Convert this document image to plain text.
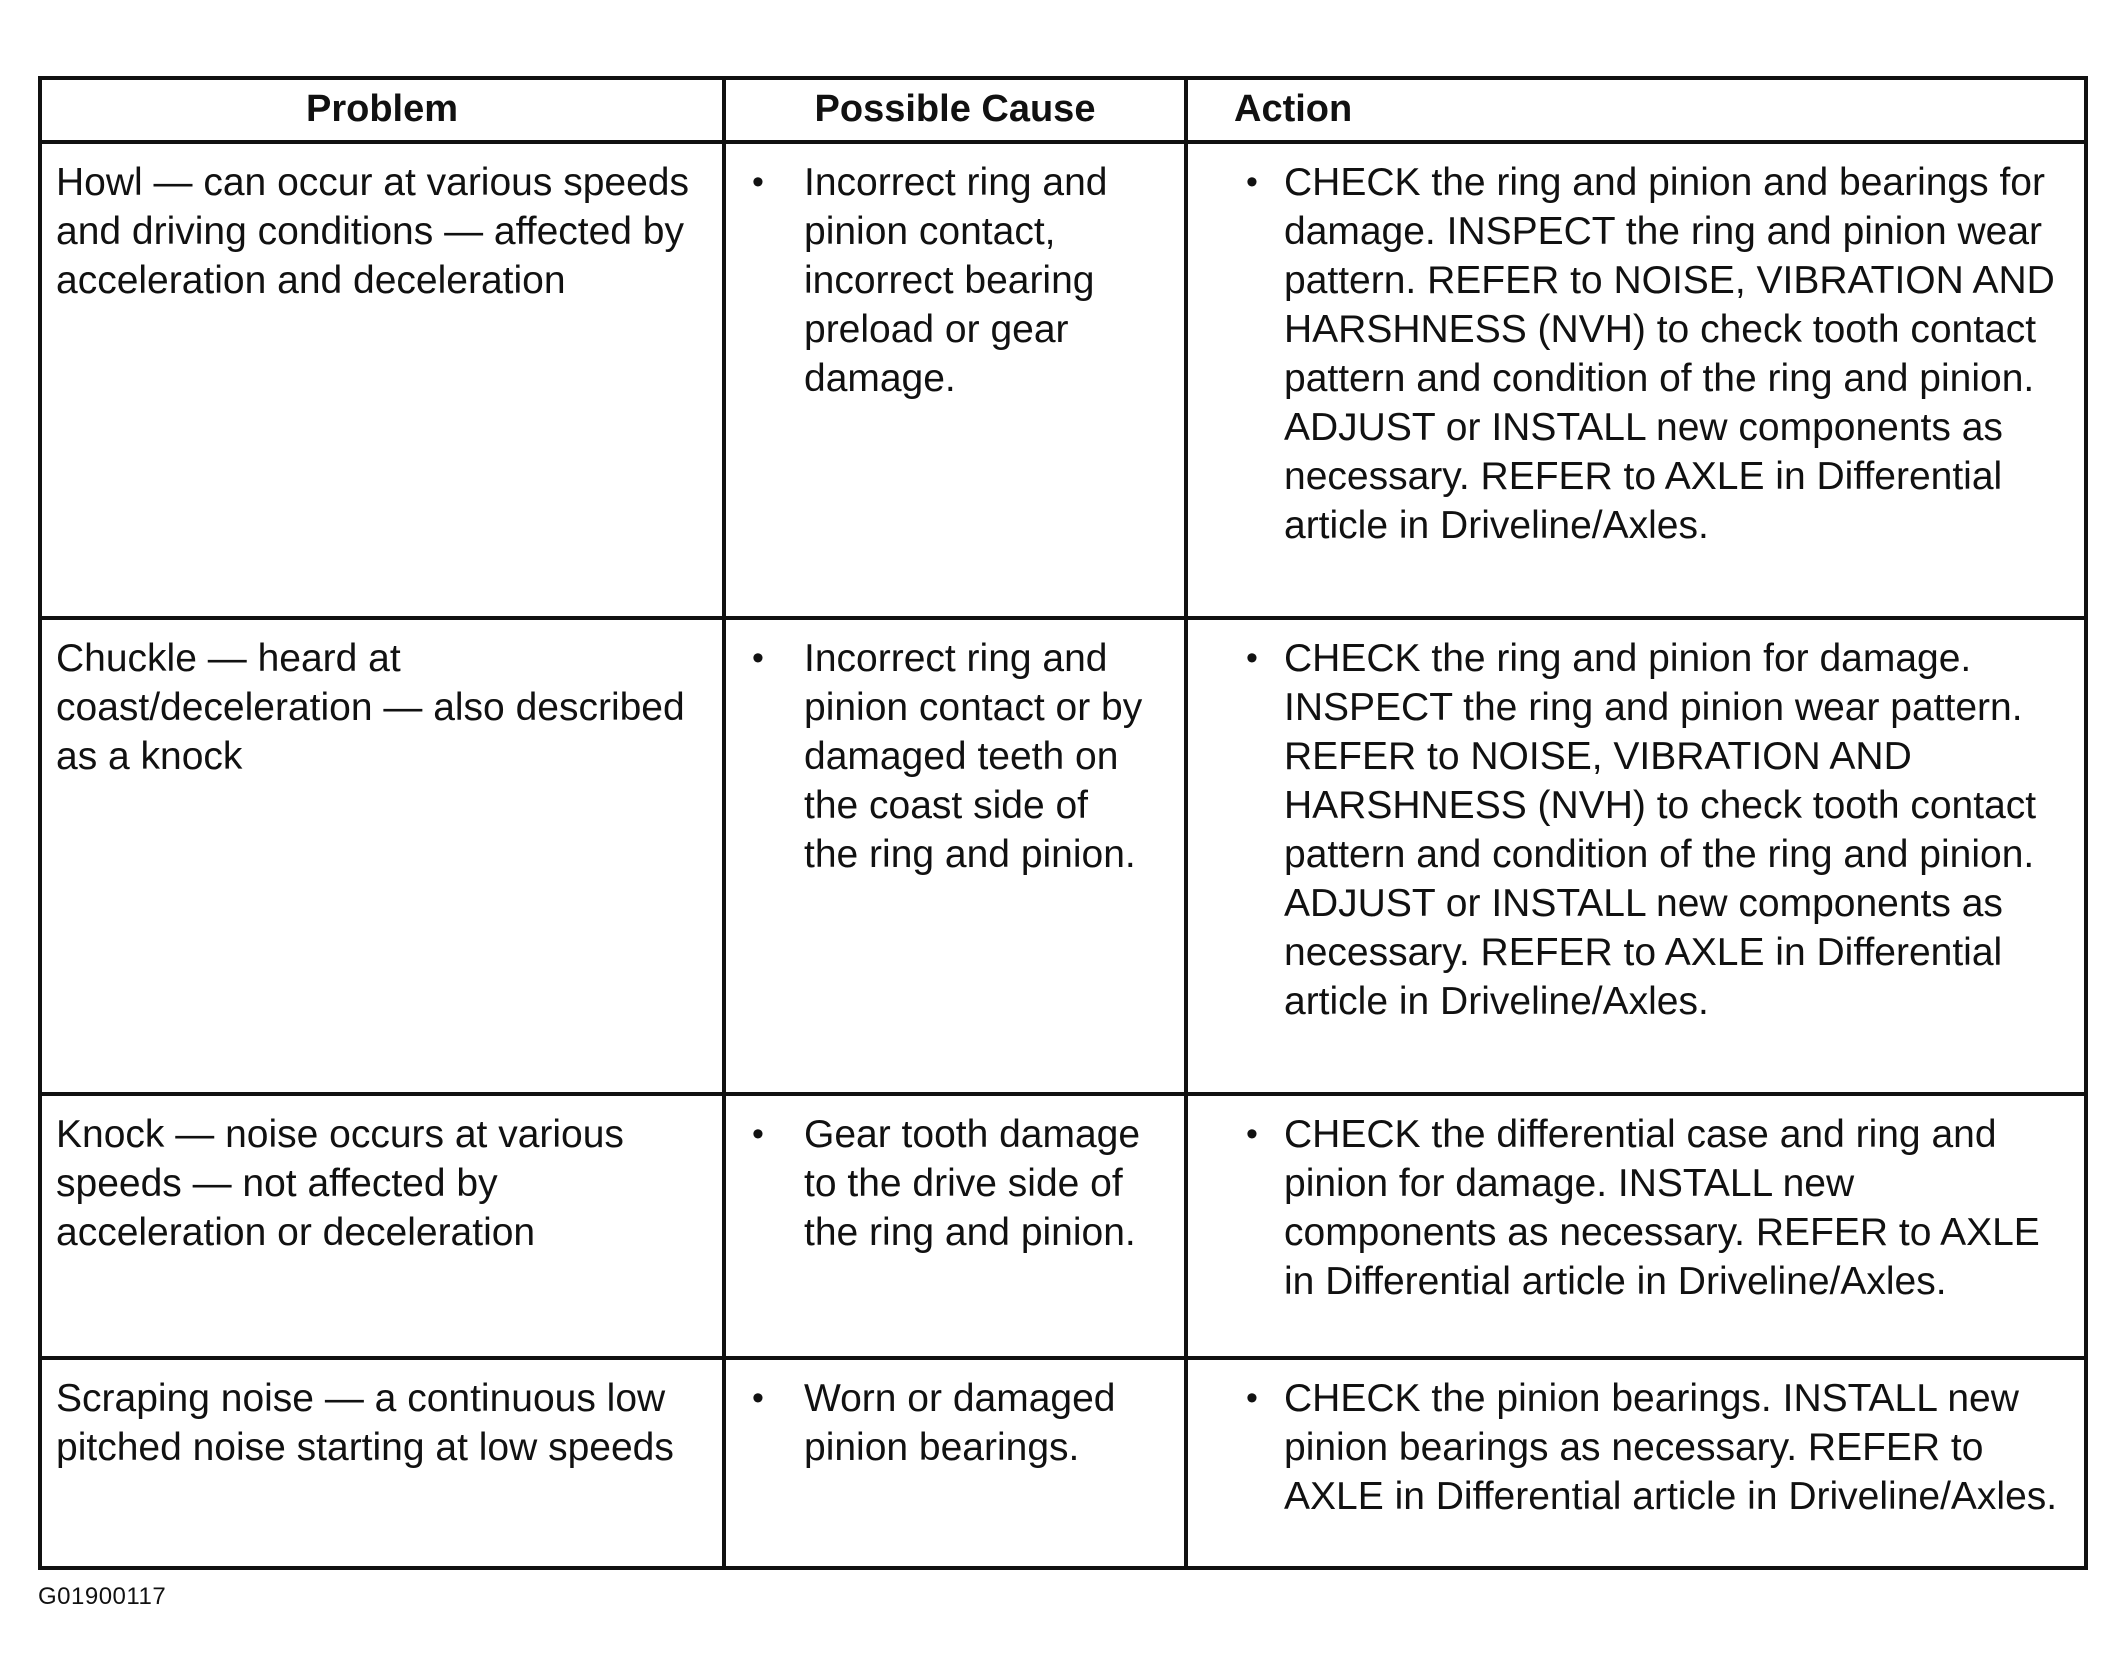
Problem	Possible Cause	Action

Howl — can occur at various speeds and driving conditions — affected by acceleration and deceleration	• Incorrect ring and pinion contact, incorrect bearing preload or gear damage.	• CHECK the ring and pinion and bearings for damage. INSPECT the ring and pinion wear pattern. REFER to NOISE, VIBRATION AND HARSHNESS (NVH) to check tooth contact pattern and condition of the ring and pinion. ADJUST or INSTALL new components as necessary. REFER to AXLE in Differential article in Driveline/Axles.

Chuckle — heard at coast/deceleration — also described as a knock	• Incorrect ring and pinion contact or by damaged teeth on the coast side of the ring and pinion.	• CHECK the ring and pinion for damage. INSPECT the ring and pinion wear pattern. REFER to NOISE, VIBRATION AND HARSHNESS (NVH) to check tooth contact pattern and condition of the ring and pinion. ADJUST or INSTALL new components as necessary. REFER to AXLE in Differential article in Driveline/Axles.

Knock — noise occurs at various speeds — not affected by acceleration or deceleration	• Gear tooth damage to the drive side of the ring and pinion.	• CHECK the differential case and ring and pinion for damage. INSTALL new components as necessary. REFER to AXLE in Differential article in Driveline/Axles.

Scraping noise — a continuous low pitched noise starting at low speeds	• Worn or damaged pinion bearings.	• CHECK the pinion bearings. INSTALL new pinion bearings as necessary. REFER to AXLE in Differential article in Driveline/Axles.
G01900117
